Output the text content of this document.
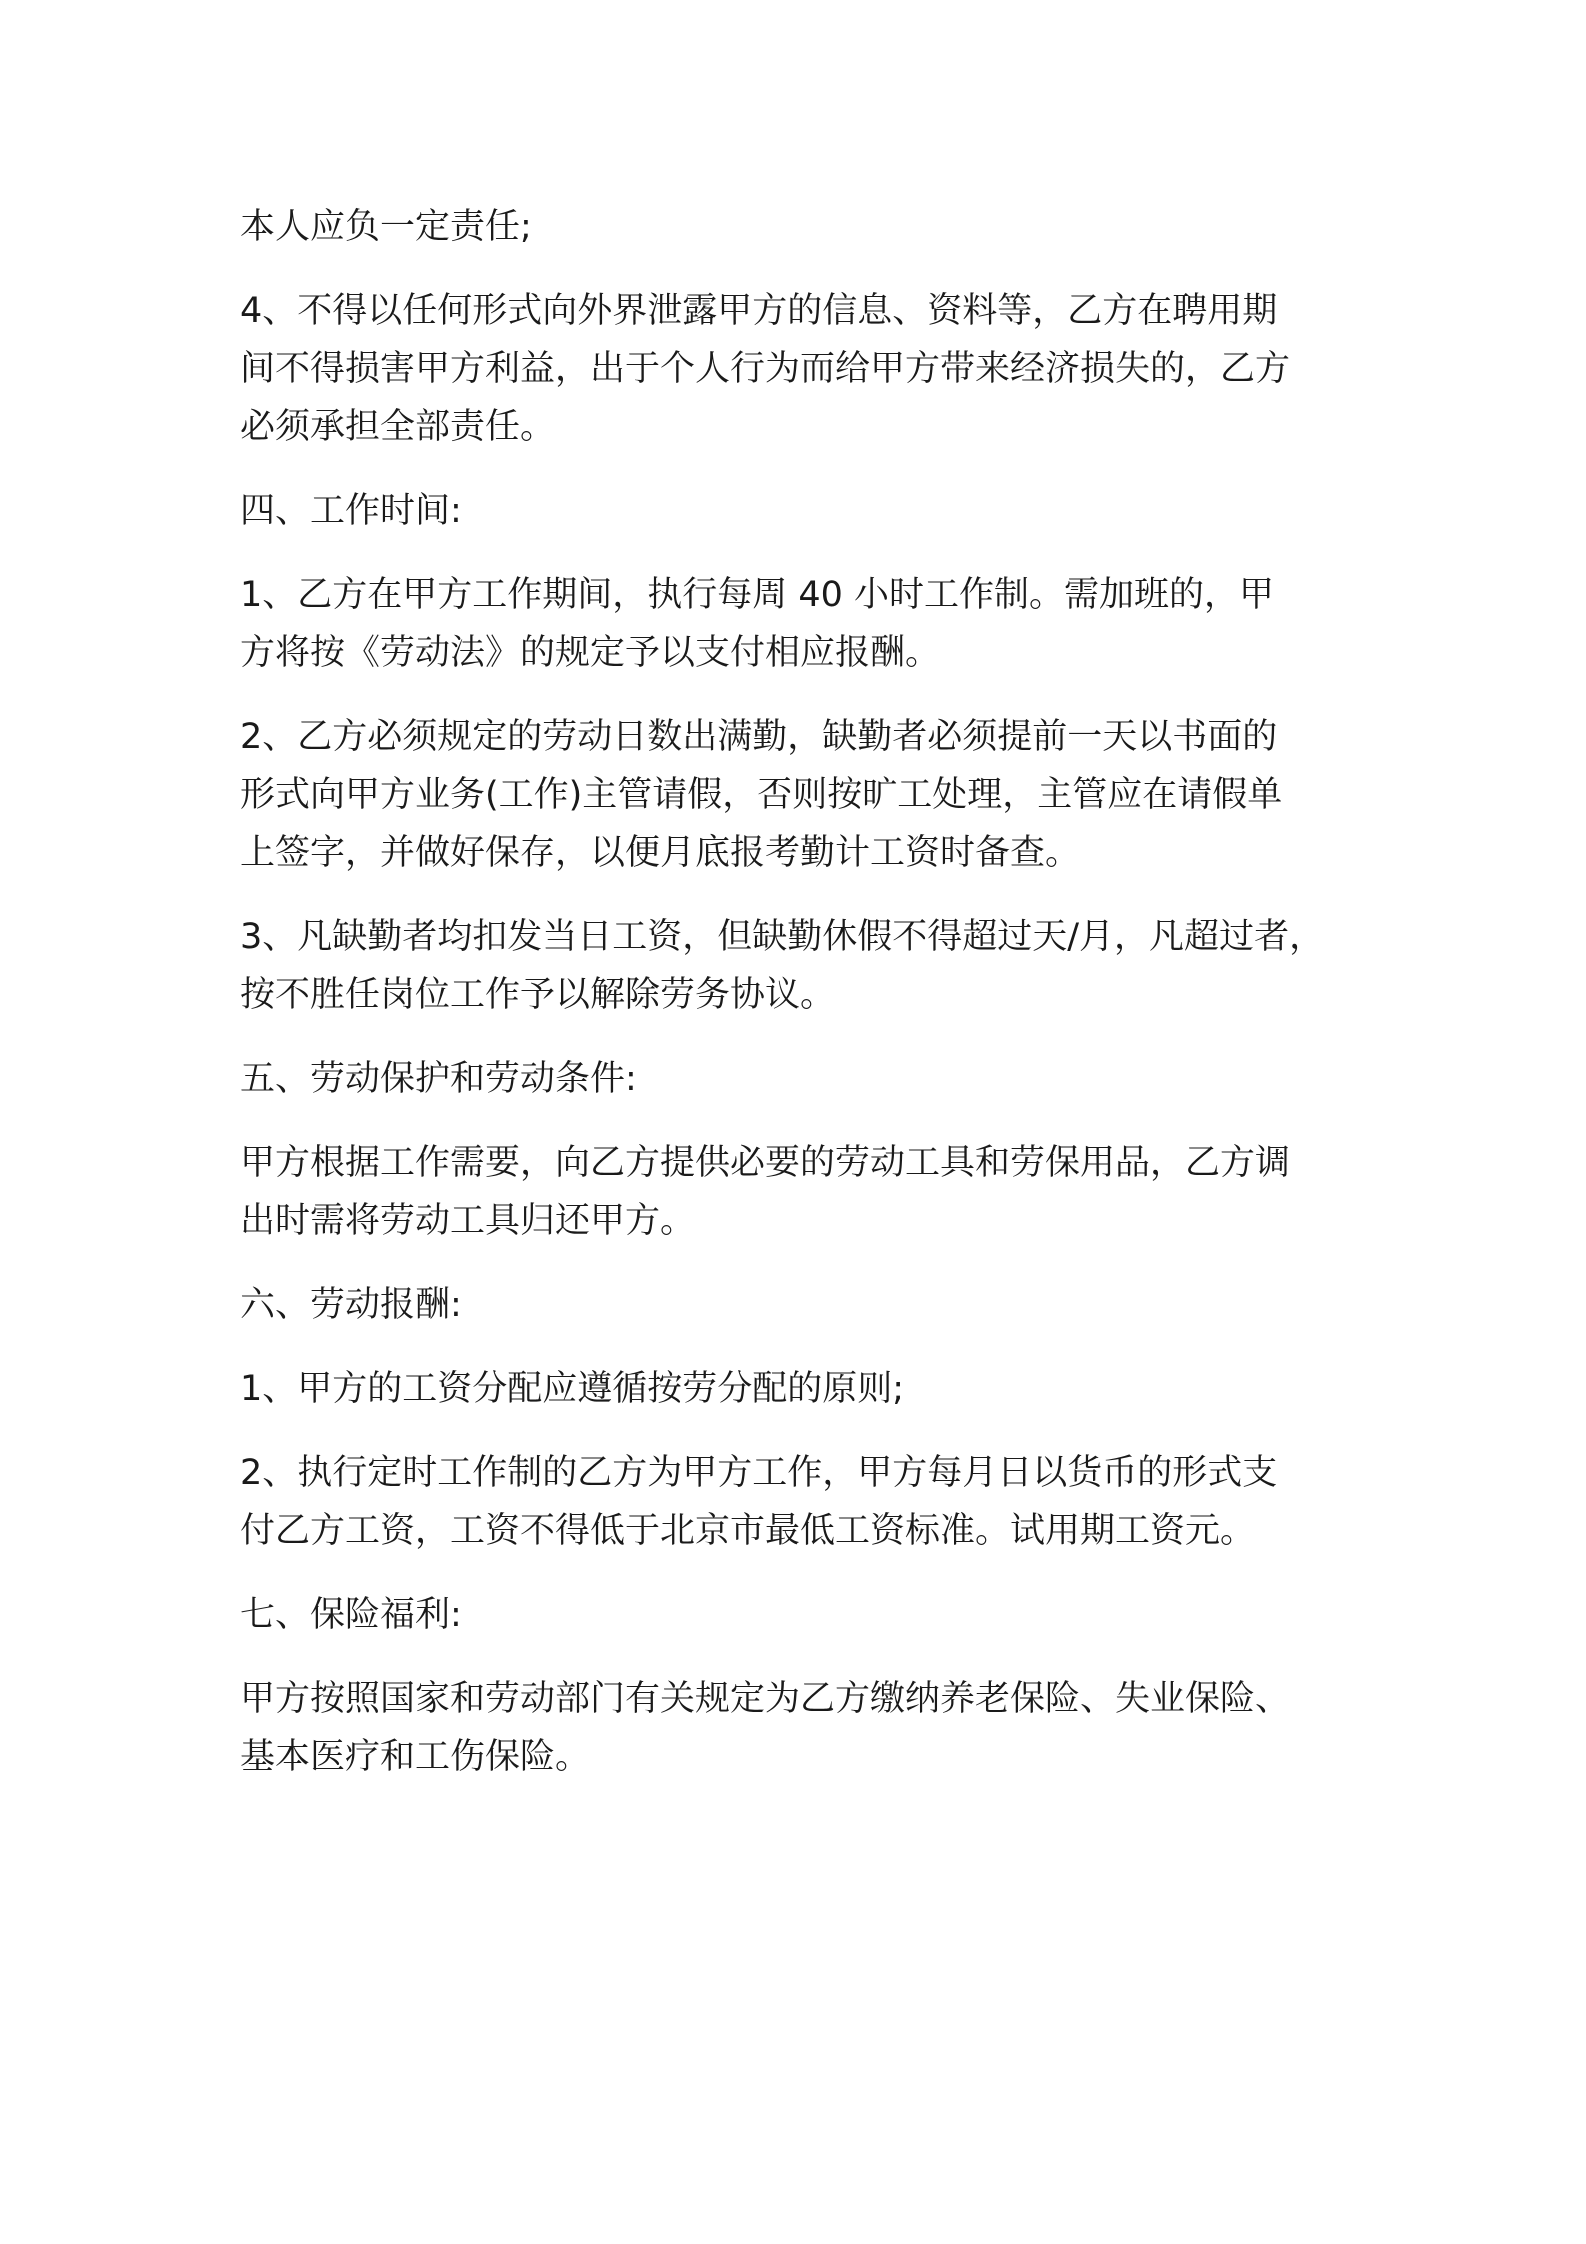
本人应负一定责任;
4、不得以任何形式向外界泄露甲方的信息、资料等，乙方在聘用期
间不得损害甲方利益，出于个人行为而给甲方带来经济损失的，乙方
必须承担全部责任。
四、工作时间:
1、乙方在甲方工作期间，执行每周 40 小时工作制。需加班的，甲
方将按《劳动法》的规定予以支付相应报酬。
2、乙方必须规定的劳动日数出满勤，缺勤者必须提前一天以书面的
形式向甲方业务(工作)主管请假，否则按旷工处理，主管应在请假单
上签字，并做好保存，以便月底报考勤计工资时备查。
3、凡缺勤者均扣发当日工资，但缺勤休假不得超过天/月，凡超过者，
按不胜任岗位工作予以解除劳务协议。
五、劳动保护和劳动条件:
甲方根据工作需要，向乙方提供必要的劳动工具和劳保用品，乙方调
出时需将劳动工具归还甲方。
六、劳动报酬:
1、甲方的工资分配应遵循按劳分配的原则;
2、执行定时工作制的乙方为甲方工作，甲方每月日以货币的形式支
付乙方工资，工资不得低于北京市最低工资标准。试用期工资元。
七、保险福利:
甲方按照国家和劳动部门有关规定为乙方缴纳养老保险、失业保险、
基本医疗和工伤保险。
